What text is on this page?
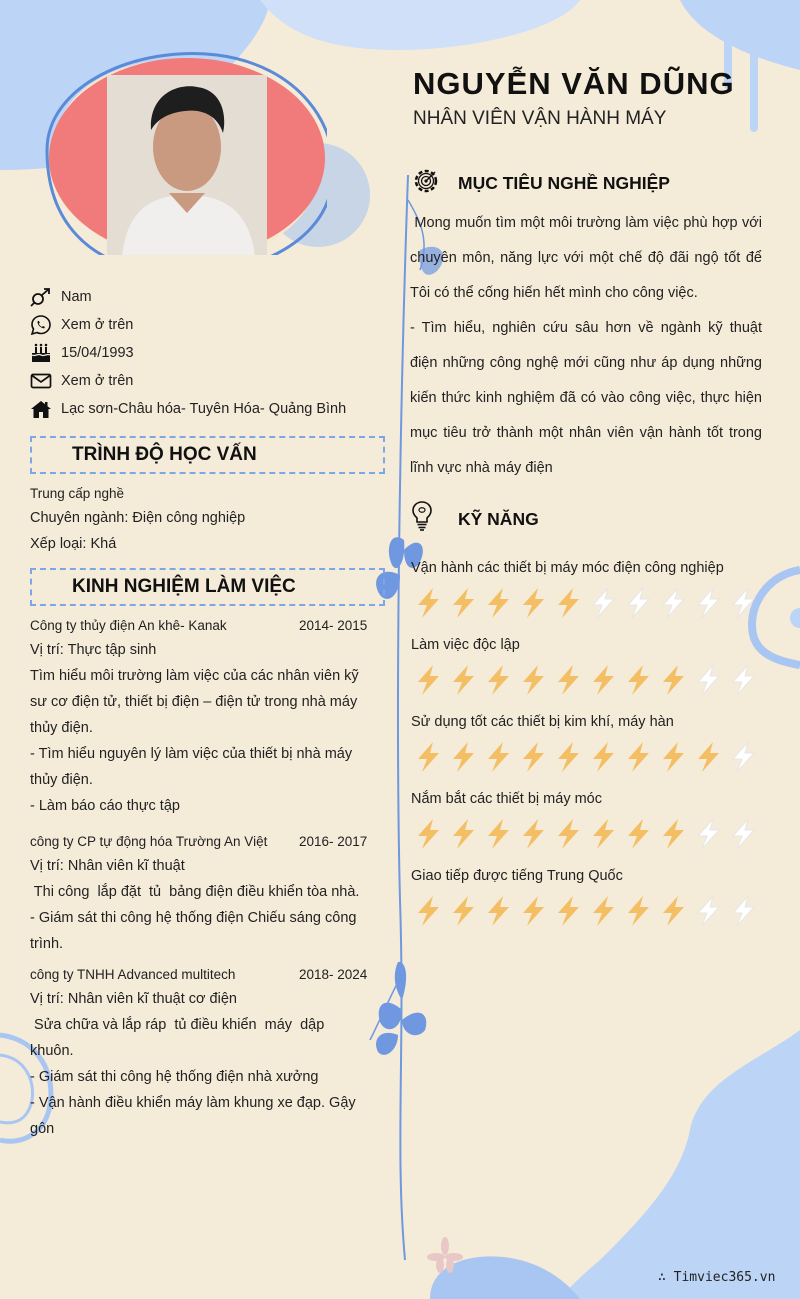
NGUYỄN VĂN DŨNG
NHÂN VIÊN VẬN HÀNH MÁY
Nam
Xem ở trên
15/04/1993
Xem ở trên
Lạc sơn-Châu hóa- Tuyên Hóa- Quảng Bình
TRÌNH ĐỘ HỌC VẤN
Trung cấp nghề
Chuyên ngành: Điện công nghiệp
Xếp loại: Khá
KINH NGHIỆM LÀM VIỆC
Công ty thủy điện An khê- Kanak	2014- 2015
Vị trí: Thực tập sinh
Tìm hiểu môi trường làm việc của các nhân viên kỹ
sư cơ điện tử, thiết bị điện – điện tử trong nhà máy
thủy điện.
- Tìm hiểu nguyên lý làm việc của thiết bị nhà máy
thủy điện.
- Làm báo cáo thực tập
công ty CP tự động hóa Trường An Việt 2016- 2017
Vị trí: Nhân viên kĩ thuật
Thi công  lắp đặt  tủ  bảng điện điều khiển tòa nhà.
- Giám sát thi công hệ thống điện Chiếu sáng công
trình.
công ty TNHH Advanced multitech	2018- 2024
Vị trí: Nhân viên kĩ thuật cơ điện
Sửa chữa và lắp ráp  tủ điều khiển  máy  dập
khuôn.
- Giám sát thi công hệ thống điện nhà xưởng
- Vận hành điều khiển máy làm khung xe đạp. Gậy
gôn
MỤC TIÊU NGHỀ NGHIỆP
Mong muốn tìm một môi trường làm việc phù hợp với chuyên môn, năng lực với một chế độ đãi ngộ tốt để Tôi có thể cống hiến hết mình cho công việc.
- Tìm hiểu, nghiên cứu sâu hơn về ngành kỹ thuật điện những công nghệ mới cũng như áp dụng những kiến thức kinh nghiệm đã có vào công việc, thực hiện mục tiêu trở thành một nhân viên vận hành tốt trong lĩnh vực nhà máy điện
KỸ NĂNG
Vận hành các thiết bị máy móc điện công nghiệp
Làm việc độc lập
Sử dụng tốt các thiết bị kim khí, máy hàn
Nắm bắt các thiết bị máy móc
Giao tiếp được tiếng Trung Quốc
∴ Timviec365.vn
